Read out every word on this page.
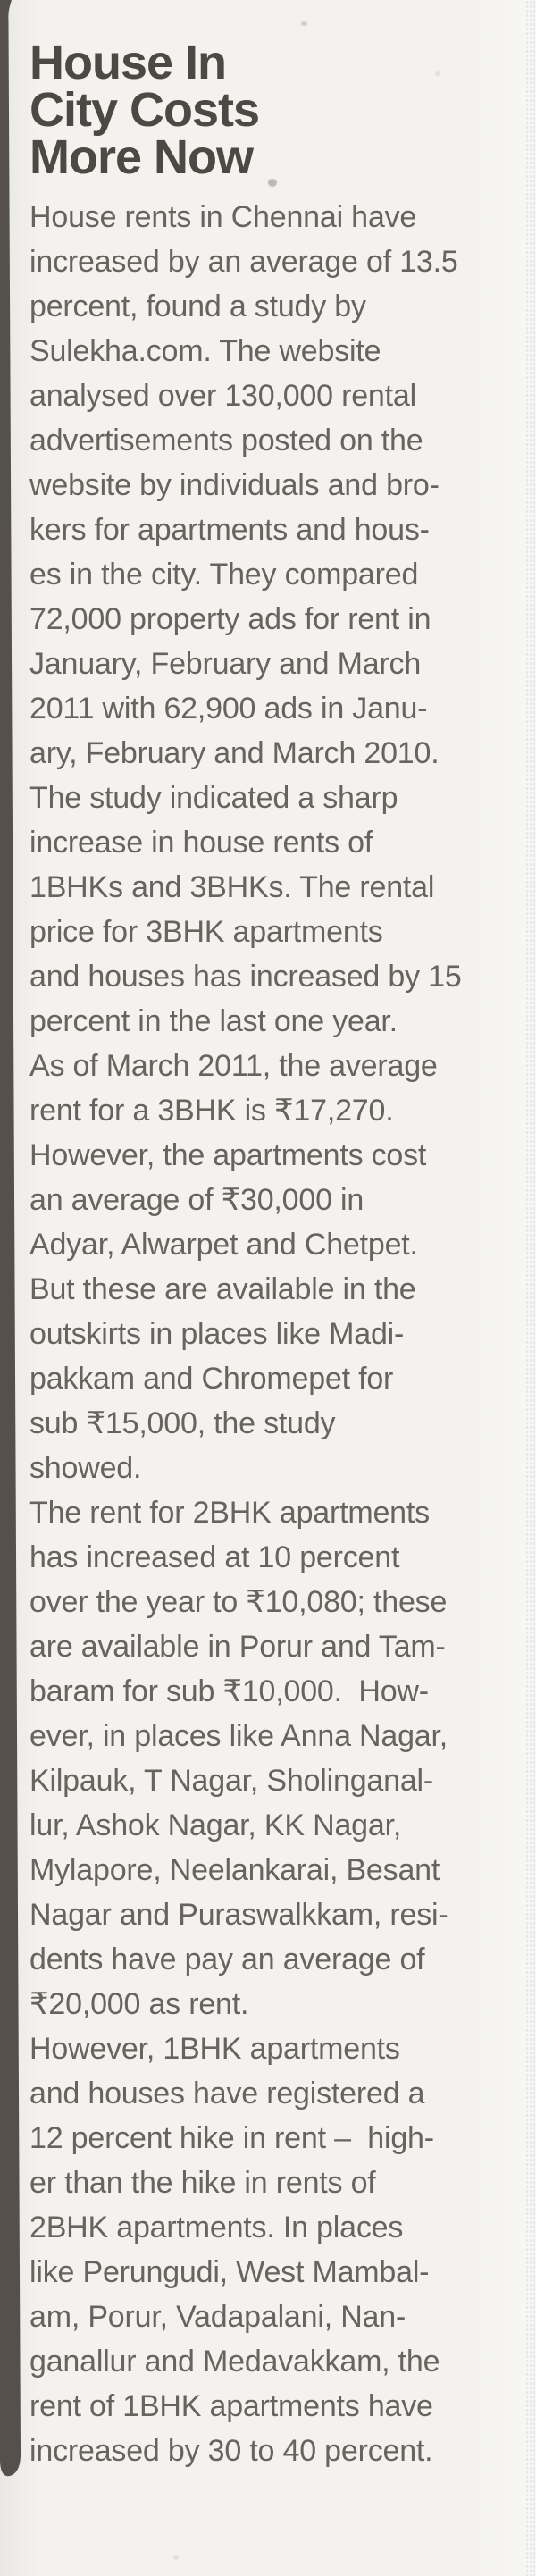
House In
City Costs
More Now
House rents in Chennai have
increased by an average of 13.5
percent, found a study by
Sulekha.com. The website
analysed over 130,000 rental
advertisements posted on the
website by individuals and bro-
kers for apartments and hous-
es in the city. They compared
72,000 property ads for rent in
January, February and March
2011 with 62,900 ads in Janu-
ary, February and March 2010.
The study indicated a sharp
increase in house rents of
1BHKs and 3BHKs. The rental
price for 3BHK apartments
and houses has increased by 15
percent in the last one year.
As of March 2011, the average
rent for a 3BHK is ₹17,270.
However, the apartments cost
an average of ₹30,000 in
Adyar, Alwarpet and Chetpet.
But these are available in the
outskirts in places like Madi-
pakkam and Chromepet for
sub ₹15,000, the study
showed.
The rent for 2BHK apartments
has increased at 10 percent
over the year to ₹10,080; these
are available in Porur and Tam-
baram for sub ₹10,000.  How-
ever, in places like Anna Nagar,
Kilpauk, T Nagar, Sholinganal-
lur, Ashok Nagar, KK Nagar,
Mylapore, Neelankarai, Besant
Nagar and Puraswalkkam, resi-
dents have pay an average of
₹20,000 as rent.
However, 1BHK apartments
and houses have registered a
12 percent hike in rent –  high-
er than the hike in rents of
2BHK apartments. In places
like Perungudi, West Mambal-
am, Porur, Vadapalani, Nan-
ganallur and Medavakkam, the
rent of 1BHK apartments have
increased by 30 to 40 percent.
